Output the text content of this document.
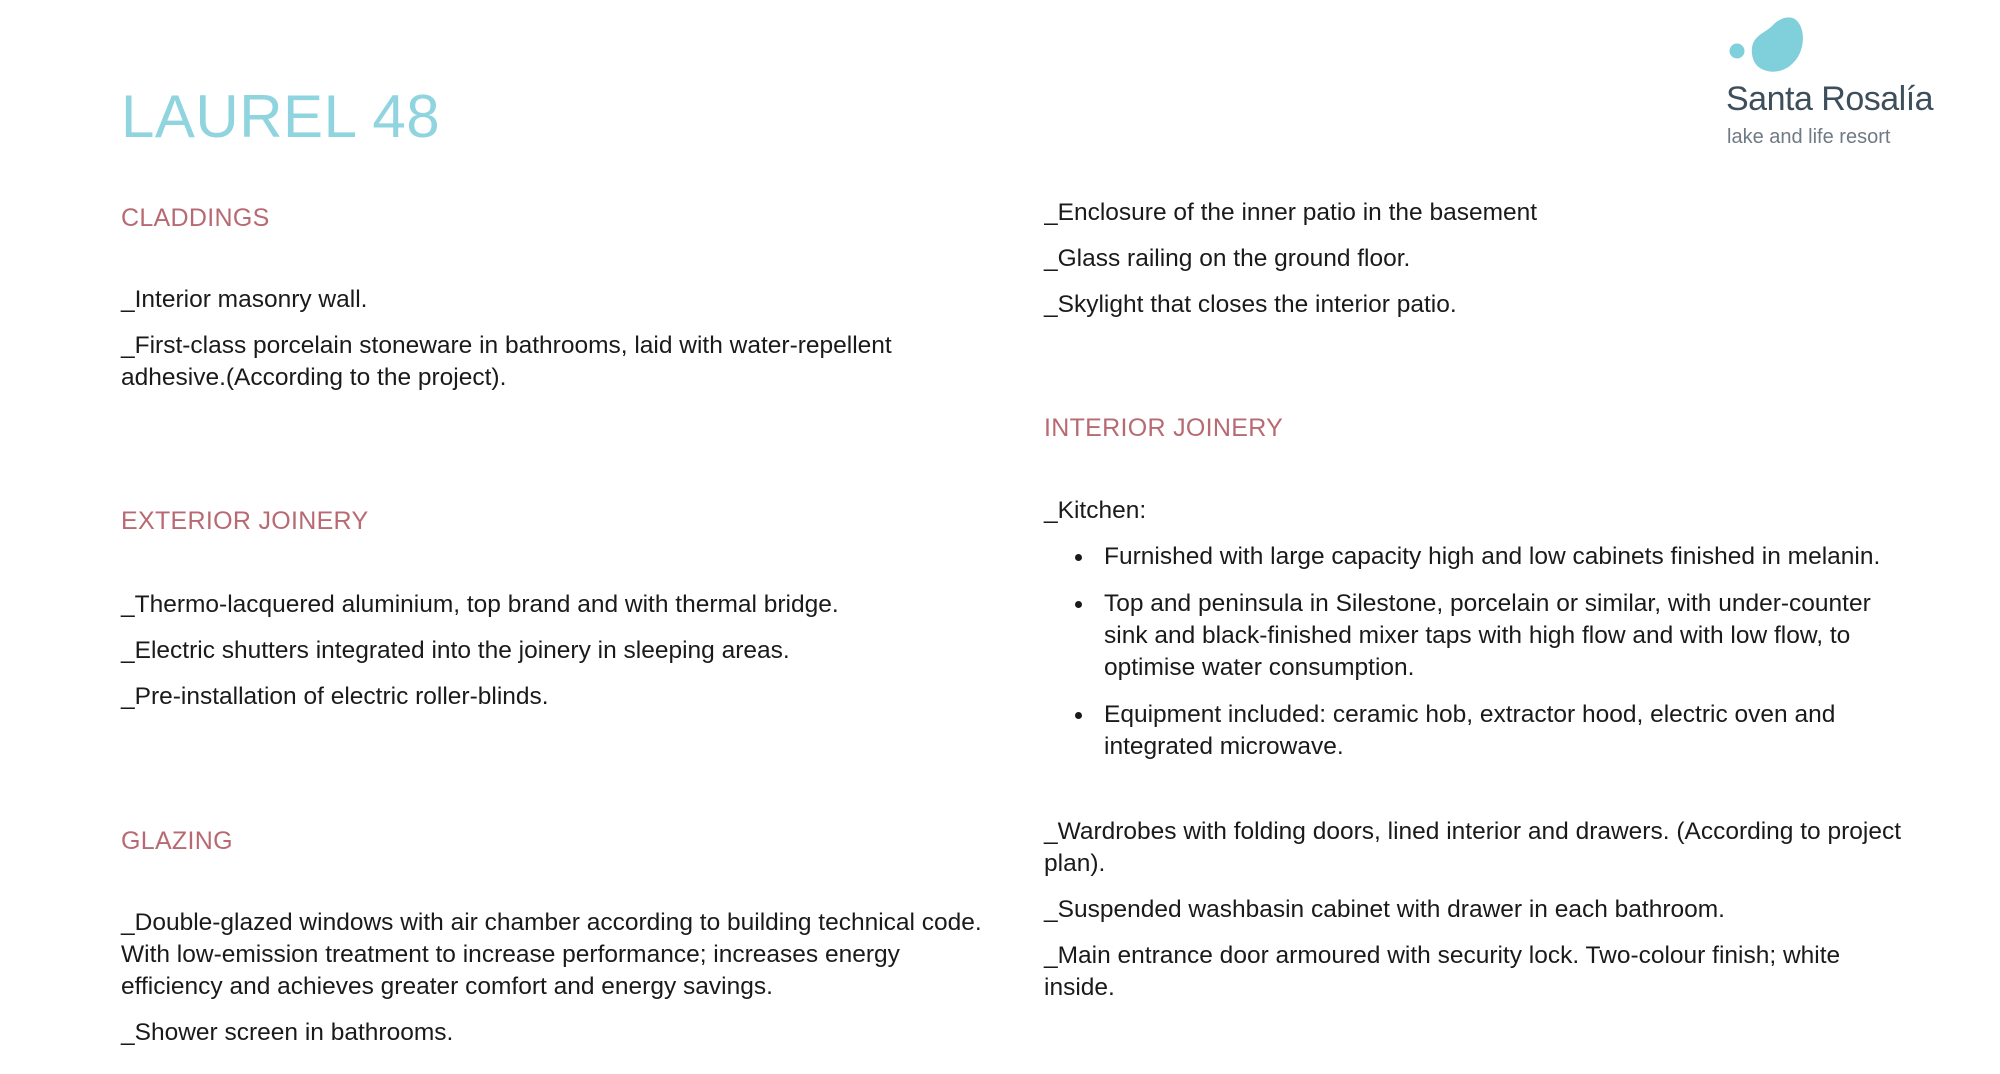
LAUREL 48	Santa Rosalía
lake and life resort
CLADDINGS

_Interior masonry wall.

_First-class porcelain stoneware in bathrooms, laid with water-repellent adhesive.(According to the project).

EXTERIOR JOINERY

_Thermo-lacquered aluminium, top brand and with thermal bridge.

_Electric shutters integrated into the joinery in sleeping areas.

_Pre-installation of electric roller-blinds.

GLAZING

_Double-glazed windows with air chamber according to building technical code. With low-emission treatment to increase performance; increases energy efficiency and achieves greater comfort and energy savings.

_Shower screen in bathrooms.

_Enclosure of the inner patio in the basement

_Glass railing on the ground floor.

_Skylight that closes the interior patio.

INTERIOR JOINERY

_Kitchen:

Furnished with large capacity high and low cabinets finished in melanin.
Top and peninsula in Silestone, porcelain or similar, with under-counter sink and black-finished mixer taps with high flow and with low flow, to optimise water consumption.
Equipment included: ceramic hob, extractor hood, electric oven and integrated microwave.

_Wardrobes with folding doors, lined interior and drawers. (According to project plan).

_Suspended washbasin cabinet with drawer in each bathroom.

_Main entrance door armoured with security lock. Two-colour finish; white inside.
